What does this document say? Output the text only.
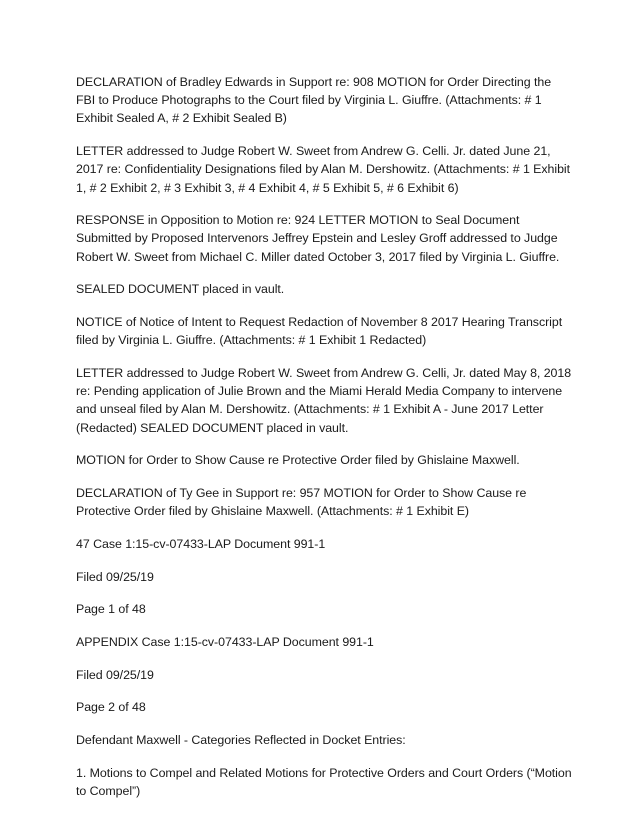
DECLARATION of Bradley Edwards in Support re: 908 MOTION for Order Directing the FBI to Produce Photographs to the Court filed by Virginia L. Giuffre. (Attachments: # 1 Exhibit Sealed A, # 2 Exhibit Sealed B)

LETTER addressed to Judge Robert W. Sweet from Andrew G. Celli. Jr. dated June 21, 2017 re: Confidentiality Designations filed by Alan M. Dershowitz. (Attachments: # 1 Exhibit 1, # 2 Exhibit 2, # 3 Exhibit 3, # 4 Exhibit 4, # 5 Exhibit 5, # 6 Exhibit 6)

RESPONSE in Opposition to Motion re: 924 LETTER MOTION to Seal Document Submitted by Proposed Intervenors Jeffrey Epstein and Lesley Groff addressed to Judge Robert W. Sweet from Michael C. Miller dated October 3, 2017 filed by Virginia L. Giuffre.

SEALED DOCUMENT placed in vault.

NOTICE of Notice of Intent to Request Redaction of November 8 2017 Hearing Transcript filed by Virginia L. Giuffre. (Attachments: # 1 Exhibit 1 Redacted)

LETTER addressed to Judge Robert W. Sweet from Andrew G. Celli, Jr. dated May 8, 2018 re: Pending application of Julie Brown and the Miami Herald Media Company to intervene and unseal filed by Alan M. Dershowitz. (Attachments: # 1 Exhibit A - June 2017 Letter (Redacted) SEALED DOCUMENT placed in vault.

MOTION for Order to Show Cause re Protective Order filed by Ghislaine Maxwell.

DECLARATION of Ty Gee in Support re: 957 MOTION for Order to Show Cause re Protective Order filed by Ghislaine Maxwell. (Attachments: # 1 Exhibit E)

47 Case 1:15-cv-07433-LAP Document 991-1

Filed 09/25/19

Page 1 of 48

APPENDIX Case 1:15-cv-07433-LAP Document 991-1

Filed 09/25/19

Page 2 of 48

Defendant Maxwell - Categories Reflected in Docket Entries:

1. Motions to Compel and Related Motions for Protective Orders and Court Orders (“Motion to Compel”)
